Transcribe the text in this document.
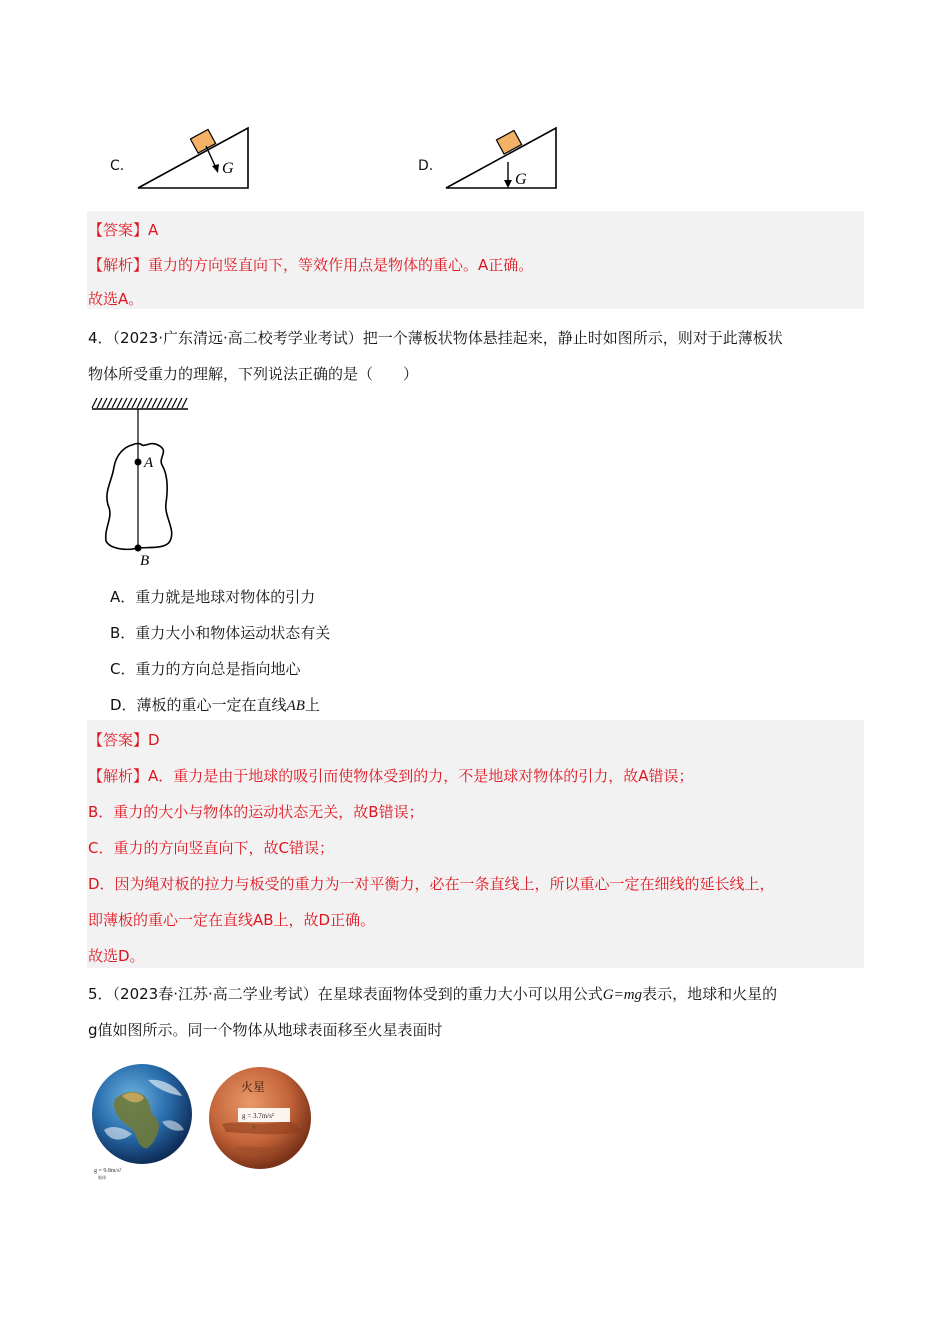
C.	G	D.
G
【答案】A
【解析】重力的方向竖直向下，等效作用点是物体的重心。A正确。
故选A。
4．（2023·广东清远·高二校考学业考试）把一个薄板状物体悬挂起来，静止时如图所示，则对于此薄板状
物体所受重力的理解，下列说法正确的是（　　）
A
B
A．重力就是地球对物体的引力
B．重力大小和物体运动状态有关
C．重力的方向总是指向地心
D．薄板的重心一定在直线AB上
【答案】D
【解析】A．重力是由于地球的吸引而使物体受到的力，不是地球对物体的引力，故A错误；
B．重力的大小与物体的运动状态无关，故B错误；
C．重力的方向竖直向下，故C错误；
D．因为绳对板的拉力与板受的重力为一对平衡力，必在一条直线上，所以重心一定在细线的延长线上，
即薄板的重心一定在直线AB上，故D正确。
故选D。
5．（2023春·江苏·高二学业考试）在星球表面物体受到的重力大小可以用公式G=mg表示，地球和火星的
g值如图所示。同一个物体从地球表面移至火星表面时
g = 9.8m/s²
地球
火星
g = 3.7m/s²
火
